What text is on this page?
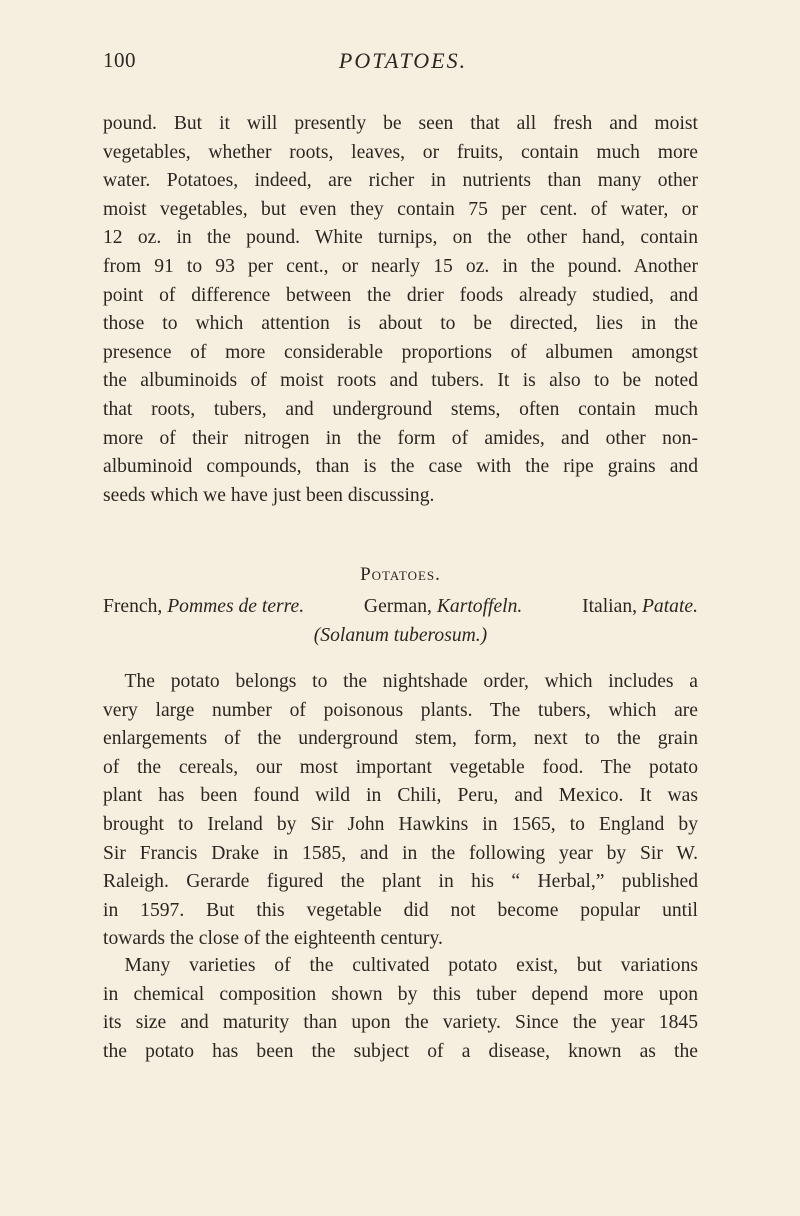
POTATOES.
100
pound. But it will presently be seen that all fresh and moist
vegetables, whether roots, leaves, or fruits, contain much more
water. Potatoes, indeed, are richer in nutrients than many other
moist vegetables, but even they contain 75 per cent. of water, or
12 oz. in the pound. White turnips, on the other hand, contain
from 91 to 93 per cent., or nearly 15 oz. in the pound. Another
point of difference between the drier foods already studied, and
those to which attention is about to be directed, lies in the
presence of more considerable proportions of albumen amongst
the albuminoids of moist roots and tubers. It is also to be noted
that roots, tubers, and underground stems, often contain much
more of their nitrogen in the form of amides, and other non-
albuminoid compounds, than is the case with the ripe grains and
seeds which we have just been discussing.
Potatoes.
French, Pommes de terre.	German, Kartoffeln.	Italian, Patate.
(Solanum tuberosum.)
The potato belongs to the nightshade order, which includes a
very large number of poisonous plants. The tubers, which are
enlargements of the underground stem, form, next to the grain
of the cereals, our most important vegetable food. The potato
plant has been found wild in Chili, Peru, and Mexico. It was
brought to Ireland by Sir John Hawkins in 1565, to England by
Sir Francis Drake in 1585, and in the following year by Sir W.
Raleigh. Gerarde figured the plant in his “ Herbal,” published
in 1597. But this vegetable did not become popular until
towards the close of the eighteenth century.
Many varieties of the cultivated potato exist, but variations
in chemical composition shown by this tuber depend more upon
its size and maturity than upon the variety. Since the year 1845
the potato has been the subject of a disease, known as the
